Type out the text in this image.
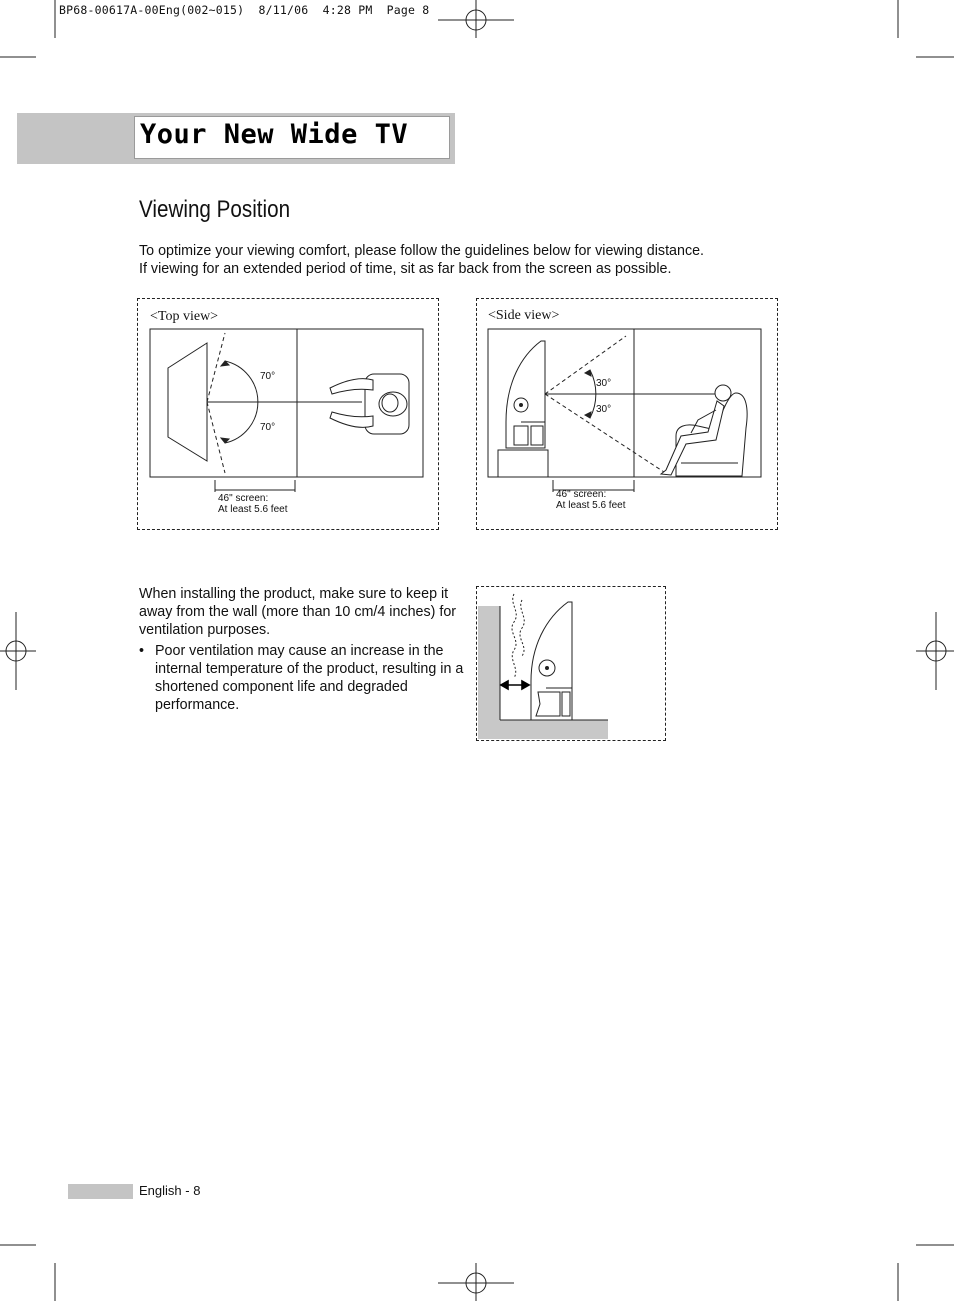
BP68-00617A-00Eng(002~015)  8/11/06  4:28 PM  Page 8
Your New Wide TV
Viewing Position

To optimize your viewing comfort, please follow the guidelines below for viewing distance.

If viewing for an extended period of time, sit as far back from the screen as possible.

<Top view>
70°
70°
46" screen:
At least 5.6 feet
<Side view>
30°
30°
46" screen:
At least 5.6 feet

When installing the product, make sure to keep it away from the wall (more than 10 cm/4 inches) for ventilation purposes.

• Poor ventilation may cause an increase in the internal temperature of the product, resulting in a shortened component life and degraded performance.

English - 8
